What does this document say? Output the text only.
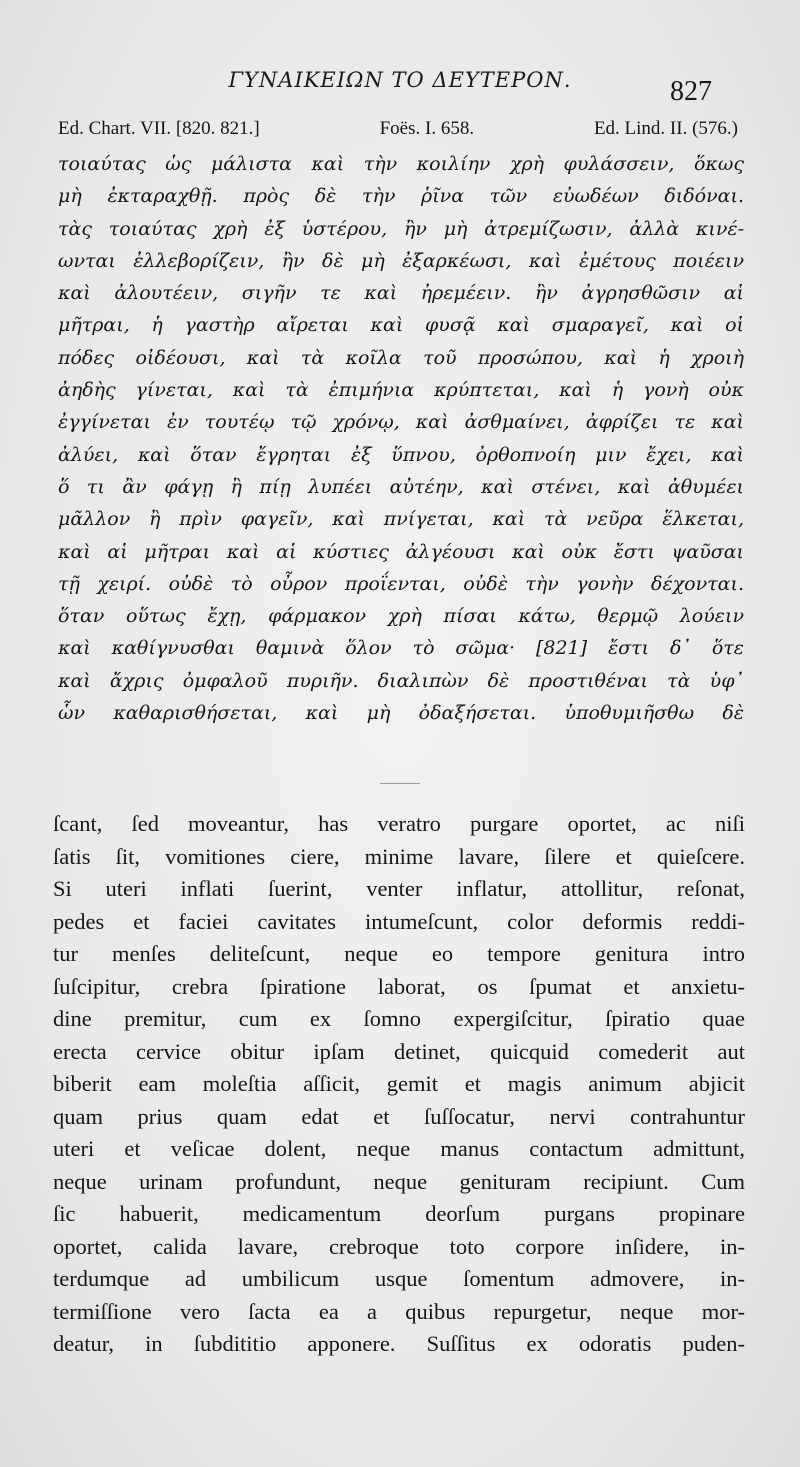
ΓΥΝΑΙΚΕΙΩΝ ΤΟ ΔΕΥΤΕΡΟΝ.	827
Ed. Chart. VII. [820. 821.]	Foës. I. 658.	Ed. Lind. II. (576.)
τοιαύτας ὡς μάλιστα καὶ τὴν κοιλίην χρὴ φυλάσσειν, ὅκως
μὴ ἐκταραχθῇ. πρὸς δὲ τὴν ῥῖνα τῶν εὐωδέων διδόναι.
τὰς τοιαύτας χρὴ ἐξ ὑστέρου, ἢν μὴ ἀτρεμίζωσιν, ἀλλὰ κινέ-
ωνται ἐλλεβορίζειν, ἢν δὲ μὴ ἐξαρκέωσι, καὶ ἐμέτους ποιέειν
καὶ ἀλουτέειν, σιγῆν τε καὶ ἠρεμέειν. ἢν ἀγρησθῶσιν αἱ
μῆτραι, ἡ γαστὴρ αἴρεται καὶ φυσᾷ καὶ σμαραγεῖ, καὶ οἱ
πόδες οἰδέουσι, καὶ τὰ κοῖλα τοῦ προσώπου, καὶ ἡ χροιὴ
ἀηδὴς γίνεται, καὶ τὰ ἐπιμήνια κρύπτεται, καὶ ἡ γονὴ οὐκ
ἐγγίνεται ἐν τουτέῳ τῷ χρόνῳ, καὶ ἀσθμαίνει, ἀφρίζει τε καὶ
ἀλύει, καὶ ὅταν ἔγρηται ἐξ ὕπνου, ὀρθοπνοίη μιν ἔχει, καὶ
ὅ τι ἂν φάγῃ ἢ πίῃ λυπέει αὐτέην, καὶ στένει, καὶ ἀθυμέει
μᾶλλον ἢ πρὶν φαγεῖν, καὶ πνίγεται, καὶ τὰ νεῦρα ἕλκεται,
καὶ αἱ μῆτραι καὶ αἱ κύστιες ἀλγέουσι καὶ οὐκ ἔστι ψαῦσαι
τῇ χειρί. οὐδὲ τὸ οὖρον προΐενται, οὐδὲ τὴν γονὴν δέχονται.
ὅταν οὕτως ἔχῃ, φάρμακον χρὴ πίσαι κάτω, θερμῷ λούειν
καὶ καθίγνυσθαι θαμινὰ ὅλον τὸ σῶμα· [821] ἔστι δ᾽ ὅτε
καὶ ἄχρις ὀμφαλοῦ πυριῆν. διαλιπὼν δὲ προστιθέναι τὰ ὑφ᾽
ὧν καθαρισθήσεται, καὶ μὴ ὀδαξήσεται. ὑποθυμιῆσθω δὲ
ſcant, ſed moveantur, has veratro purgare oportet, ac niſi
ſatis ſit, vomitiones ciere, minime lavare, ſilere et quieſcere.
Si uteri inflati ſuerint, venter inflatur, attollitur, reſonat,
pedes et faciei cavitates intumeſcunt, color deformis reddi-
tur menſes deliteſcunt, neque eo tempore genitura intro
ſuſcipitur, crebra ſpiratione laborat, os ſpumat et anxietu-
dine premitur, cum ex ſomno expergiſcitur, ſpiratio quae
erecta cervice obitur ipſam detinet, quicquid comederit aut
biberit eam moleſtia aſſicit, gemit et magis animum abjicit
quam prius quam edat et ſuſſocatur, nervi contrahuntur
uteri et veſicae dolent, neque manus contactum admittunt,
neque urinam profundunt, neque genituram recipiunt. Cum
ſic habuerit, medicamentum deorſum purgans propinare
oportet, calida lavare, crebroque toto corpore inſidere, in-
terdumque ad umbilicum usque ſomentum admovere, in-
termiſſione vero ſacta ea a quibus repurgetur, neque mor-
deatur, in ſubdititio apponere. Suſſitus ex odoratis puden-
